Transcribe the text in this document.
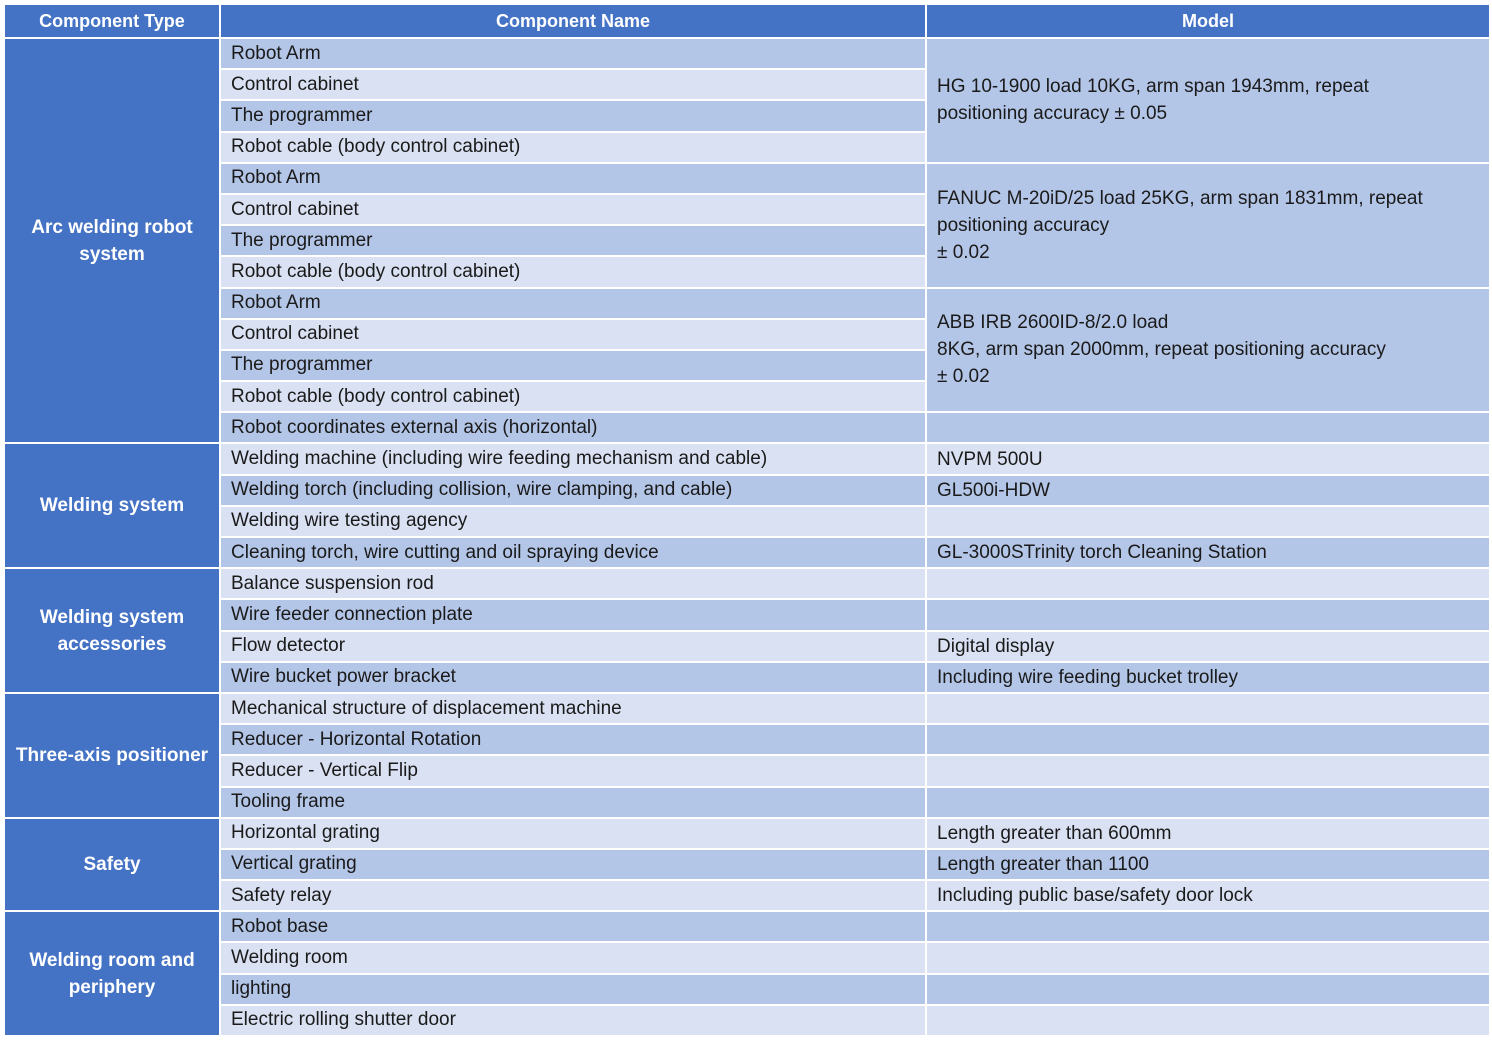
Component Type	Component Name	Model
Arc welding robot system	Robot Arm	HG 10-1900 load 10KG, arm span 1943mm, repeat
positioning accuracy ± 0.05

	Control cabinet	
	The programmer	
	Robot cable (body control cabinet)	
	Robot Arm	FANUC M-20iD/25 load 25KG, arm span 1831mm, repeat
positioning accuracy
± 0.02

	Control cabinet	
	The programmer	
	Robot cable (body control cabinet)	
	Robot Arm	ABB IRB 2600ID-8/2.0 load
8KG, arm span 2000mm, repeat positioning accuracy
± 0.02

	Control cabinet	
	The programmer	
	Robot cable (body control cabinet)	
	Robot coordinates external axis (horizontal)	

Welding system	Welding machine (including wire feeding mechanism and cable)	NVPM 500U

	Welding torch (including collision, wire clamping, and cable)	GL500i-HDW

	Welding wire testing agency	

	Cleaning torch, wire cutting and oil spraying device	GL-3000STrinity torch Cleaning Station

Welding system accessories	Balance suspension rod	

	Wire feeder connection plate	

	Flow detector	Digital display

	Wire bucket power bracket	Including wire feeding bucket trolley

Three-axis positioner	Mechanical structure of displacement machine	

	Reducer - Horizontal Rotation	

	Reducer - Vertical Flip	

	Tooling frame	

Safety	Horizontal grating	Length greater than 600mm

	Vertical grating	Length greater than 1100

	Safety relay	Including public base/safety door lock

Welding room and periphery	Robot base	

	Welding room	

	lighting	

	Electric rolling shutter door	
